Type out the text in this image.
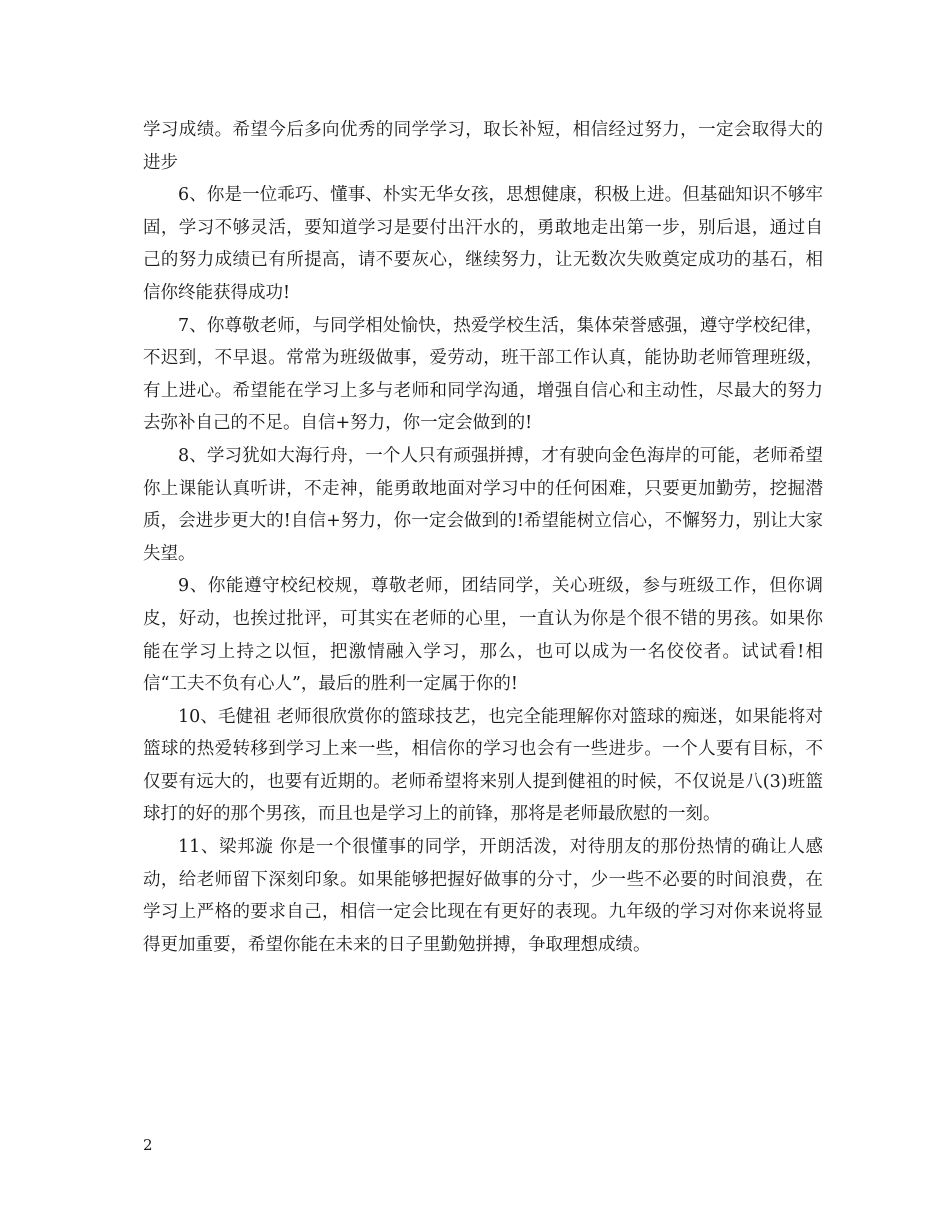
学习成绩。希望今后多向优秀的同学学习，取长补短，相信经过努力，一定会取得大的进步

6、你是一位乖巧、懂事、朴实无华女孩，思想健康，积极上进。但基础知识不够牢固，学习不够灵活，要知道学习是要付出汗水的，勇敢地走出第一步，别后退，通过自己的努力成绩已有所提高，请不要灰心，继续努力，让无数次失败奠定成功的基石，相信你终能获得成功!

7、你尊敬老师，与同学相处愉快，热爱学校生活，集体荣誉感强，遵守学校纪律，不迟到，不早退。常常为班级做事，爱劳动，班干部工作认真，能协助老师管理班级，有上进心。希望能在学习上多与老师和同学沟通，增强自信心和主动性，尽最大的努力去弥补自己的不足。自信+努力，你一定会做到的!

8、学习犹如大海行舟，一个人只有顽强拼搏，才有驶向金色海岸的可能，老师希望你上课能认真听讲，不走神，能勇敢地面对学习中的任何困难，只要更加勤劳，挖掘潜质，会进步更大的!自信+努力，你一定会做到的!希望能树立信心，不懈努力，别让大家失望。

9、你能遵守校纪校规，尊敬老师，团结同学，关心班级，参与班级工作，但你调皮，好动，也挨过批评，可其实在老师的心里，一直认为你是个很不错的男孩。如果你能在学习上持之以恒，把激情融入学习，那么，也可以成为一名佼佼者。试试看!相信“工夫不负有心人”，最后的胜利一定属于你的!

10、毛健祖 老师很欣赏你的篮球技艺，也完全能理解你对篮球的痴迷，如果能将对篮球的热爱转移到学习上来一些，相信你的学习也会有一些进步。一个人要有目标，不仅要有远大的，也要有近期的。老师希望将来别人提到健祖的时候，不仅说是八(3)班篮球打的好的那个男孩，而且也是学习上的前锋，那将是老师最欣慰的一刻。

11、梁邦漩 你是一个很懂事的同学，开朗活泼，对待朋友的那份热情的确让人感动，给老师留下深刻印象。如果能够把握好做事的分寸，少一些不必要的时间浪费，在学习上严格的要求自己，相信一定会比现在有更好的表现。九年级的学习对你来说将显得更加重要，希望你能在未来的日子里勤勉拼搏，争取理想成绩。

2
